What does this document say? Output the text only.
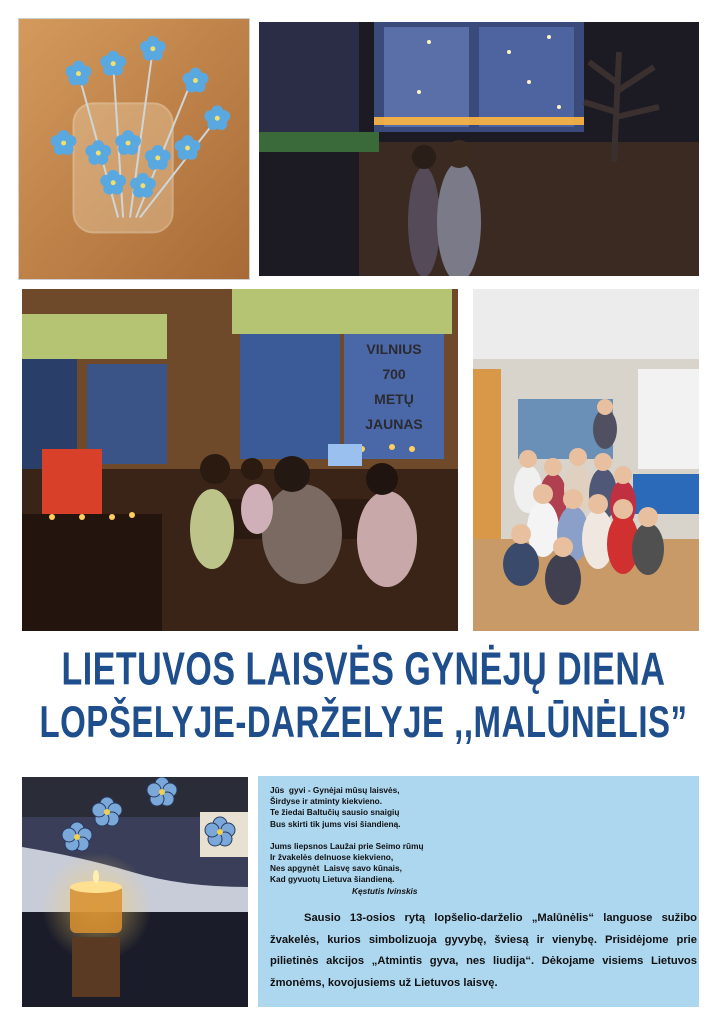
VILNIUS
700
METŲ
JAUNAS
LIETUVOS LAISVĖS GYNĖJŲ DIENA
LOPŠELYJE-DARŽELYJE ,,MALŪNĖLIS”
Jūs  gyvi - Gynėjai mūsų laisvės,
Širdyse ir atminty kiekvieno.
Te žiedai Baltučių sausio snaigių
Bus skirti tik jums visi šiandieną.
Jums liepsnos Laužai prie Seimo rūmų
Ir žvakelės delnuose kiekvieno,
Nes apgynėt  Laisvę savo kūnais,
Kad gyvuotų Lietuva šiandieną.
Kęstutis Ivinskis
Sausio 13-osios rytą lopšelio-darželio „Malūnėlis“ languose sužibo žvakelės, kurios simbolizuoja gyvybę, šviesą ir vienybę. Prisidėjome prie pilietinės akcijos „Atmintis gyva, nes liudija“. Dėkojame visiems Lietuvos žmonėms, kovojusiems už Lietuvos laisvę.
